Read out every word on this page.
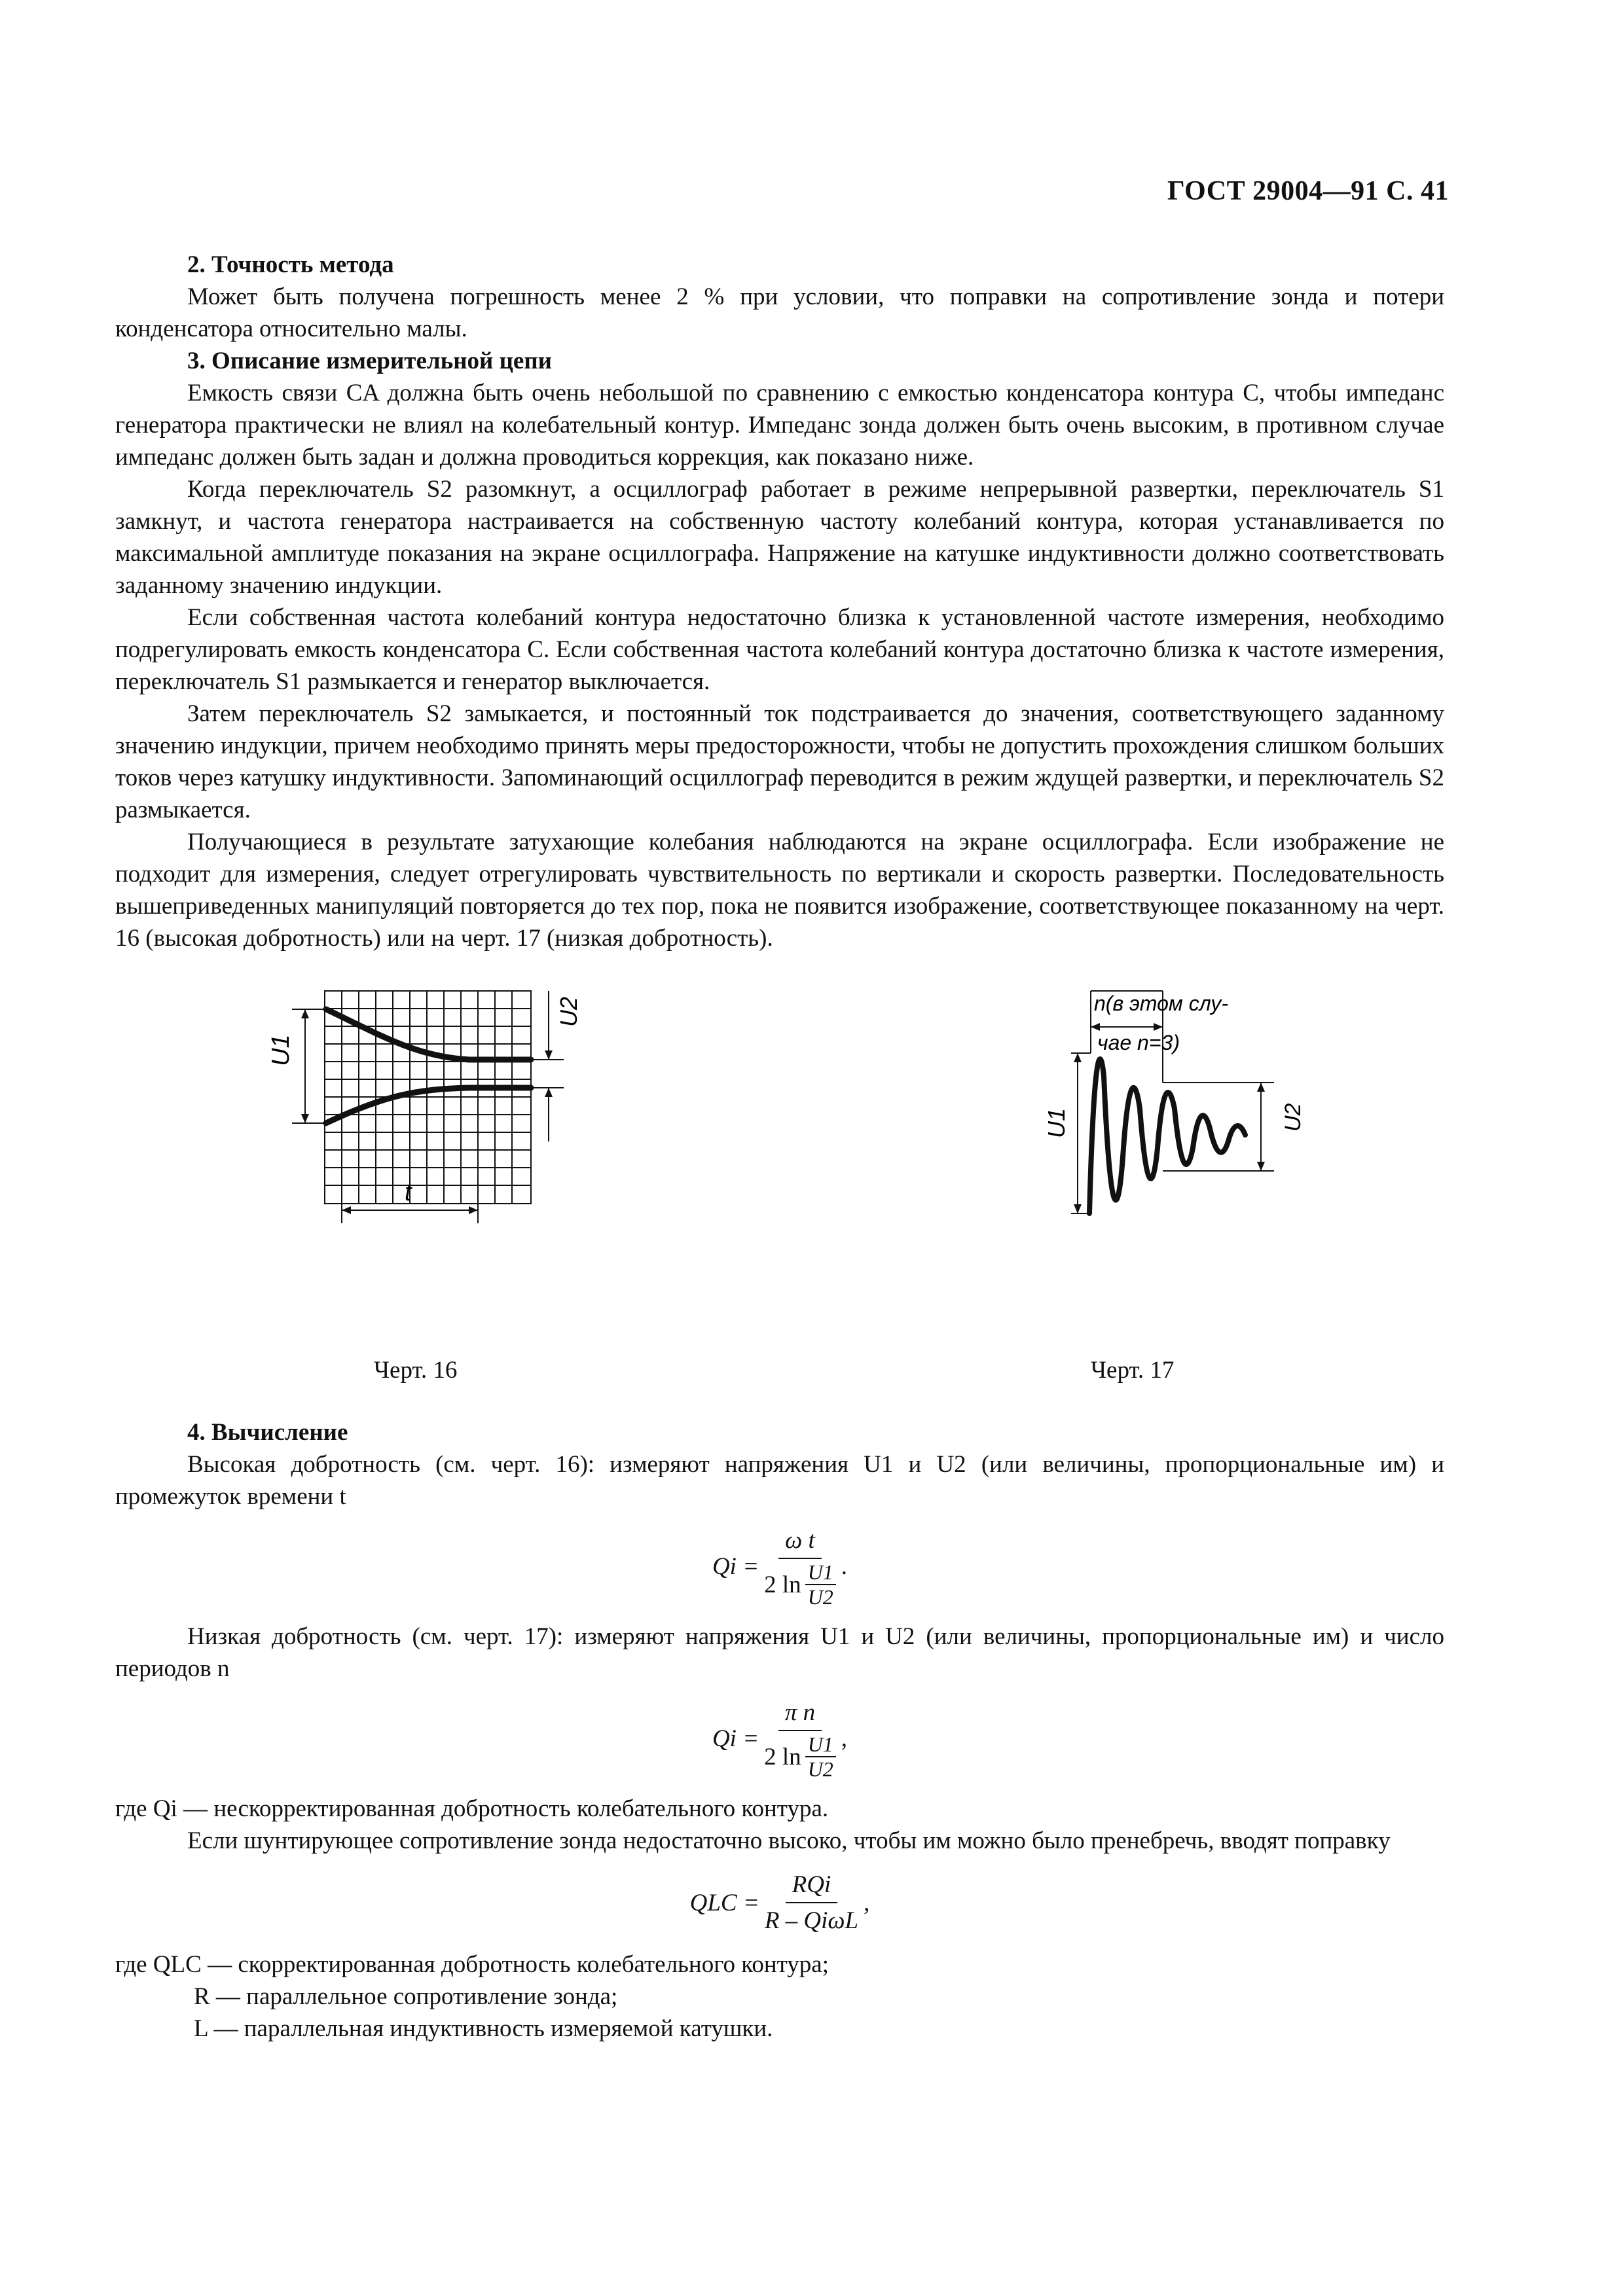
ГОСТ 29004—91 С. 41

2. Точность метода

Может быть получена погрешность менее 2 % при условии, что поправки на сопротивление зонда и потери конденсатора относительно малы.

3. Описание измерительной цепи

Емкость связи CA должна быть очень небольшой по сравнению с емкостью конденсатора контура C, чтобы импеданс генератора практически не влиял на колебательный контур. Импеданс зонда должен быть очень высоким, в противном случае импеданс должен быть задан и должна проводиться коррекция, как показано ниже.

Когда переключатель S2 разомкнут, а осциллограф работает в режиме непрерывной развертки, переключатель S1 замкнут, и частота генератора настраивается на собственную частоту колебаний контура, которая устанавливается по максимальной амплитуде показания на экране осциллографа. Напряжение на катушке индуктивности должно соответствовать заданному значению индукции.

Если собственная частота колебаний контура недостаточно близка к установленной частоте измерения, необходимо подрегулировать емкость конденсатора C. Если собственная частота колебаний контура достаточно близка к частоте измерения, переключатель S1 размыкается и генератор выключается.

Затем переключатель S2 замыкается, и постоянный ток подстраивается до значения, соответствующего заданному значению индукции, причем необходимо принять меры предосторожности, чтобы не допустить прохождения слишком больших токов через катушку индуктивности. Запоминающий осциллограф переводится в режим ждущей развертки, и переключатель S2 размыкается.

Получающиеся в результате затухающие колебания наблюдаются на экране осциллографа. Если изображение не подходит для измерения, следует отрегулировать чувствительность по вертикали и скорость развертки. Последовательность вышеприведенных манипуляций повторяется до тех пор, пока не появится изображение, соответствующее показанному на черт. 16 (высокая добротность) или на черт. 17 (низкая добротность).

U1
U2
t
n(в этом слу-
чае n=3)
U1	U2
Черт. 16	Черт. 17

4. Вычисление

Высокая добротность (см. черт. 16): измеряют напряжения U1 и U2 (или величины, пропорциональные им) и промежуток времени t

$Qi = \frac{\text{ω t}}{2 \ln \frac{U1}{U2}}$ .

Низкая добротность (см. черт. 17): измеряют напряжения U1 и U2 (или величины, пропорциональные им) и число периодов n

$Qi = \frac{\text{π n}}{2 \ln \frac{U1}{U2}}$ ,

где Qi — нескорректированная добротность колебательного контура.

Если шунтирующее сопротивление зонда недостаточно высоко, чтобы им можно было пренебречь, вводят поправку

QLC = $\frac{\text{RQi}}{\text{R – QiωL}}$ ,

где QLC — скорректированная добротность колебательного контура;

R — параллельное сопротивление зонда;

L — параллельная индуктивность измеряемой катушки.
